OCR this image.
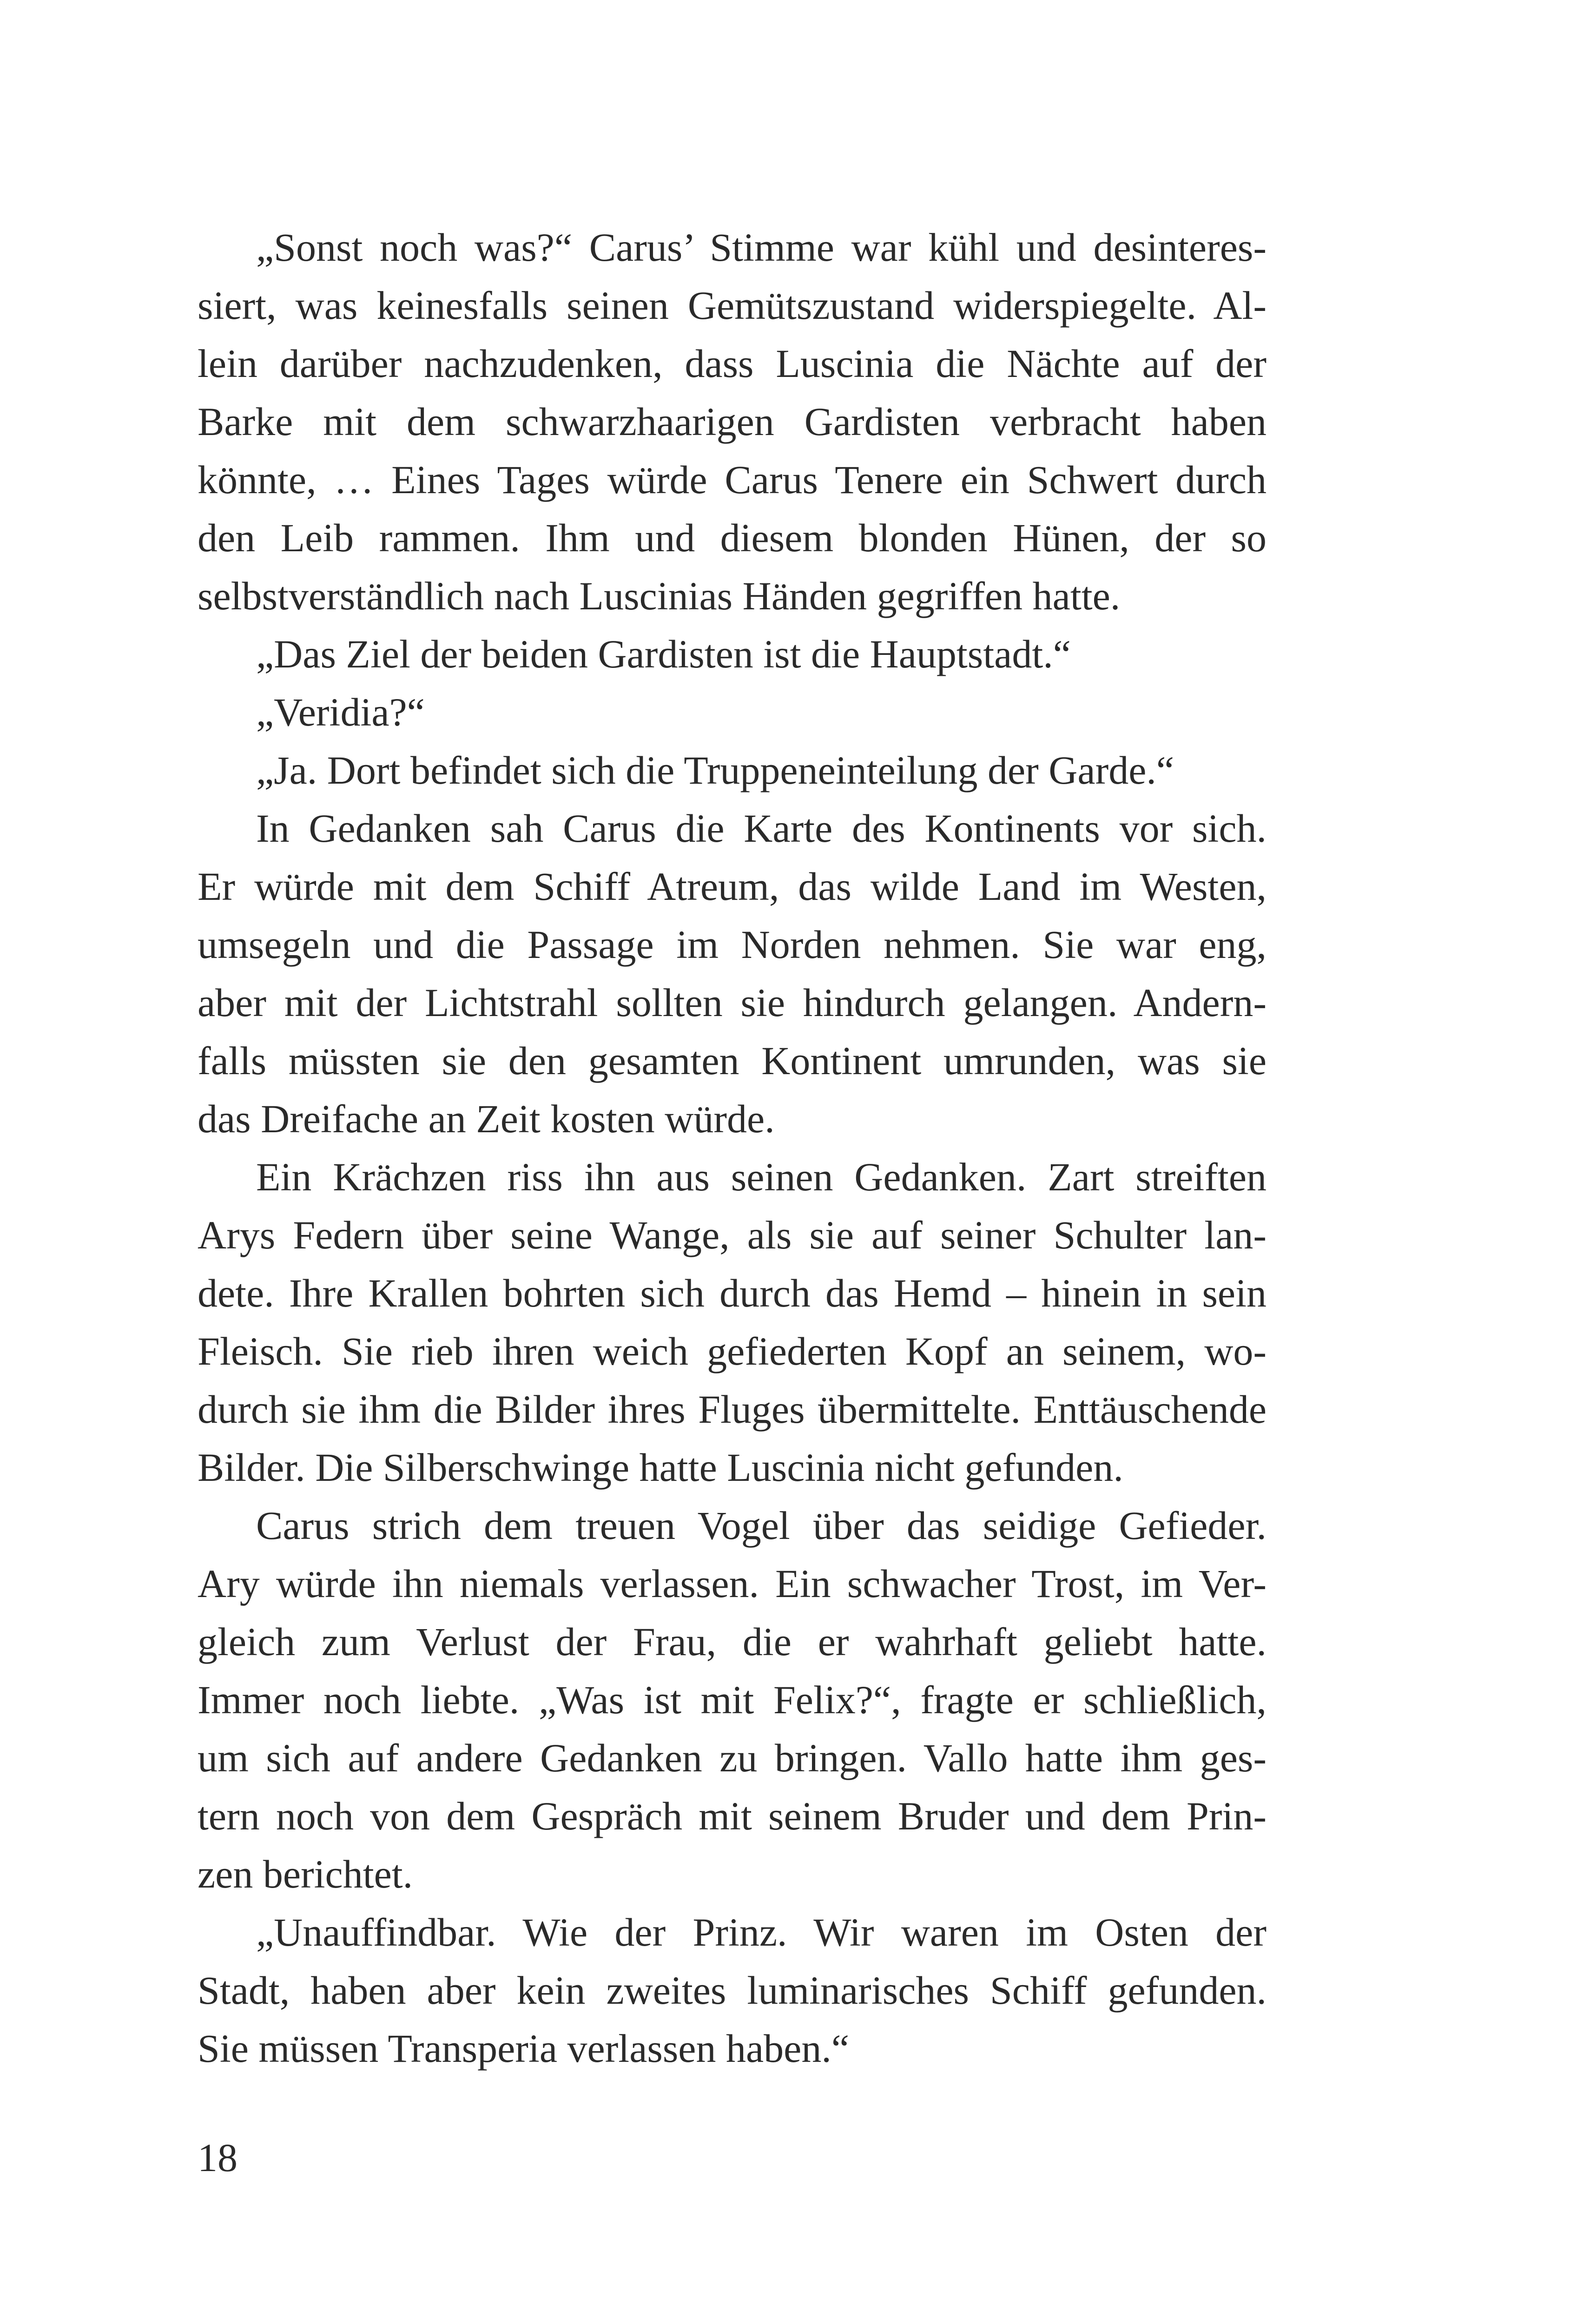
„Sonst noch was?“ Carus’ Stimme war kühl und desinteres-
siert, was keinesfalls seinen Gemütszustand widerspiegelte. Al-
lein darüber nachzudenken, dass Luscinia die Nächte auf der
Barke mit dem schwarzhaarigen Gardisten verbracht haben
könnte, … Eines Tages würde Carus Tenere ein Schwert durch
den Leib rammen. Ihm und diesem blonden Hünen, der so
selbstverständlich nach Luscinias Händen gegriffen hatte.
„Das Ziel der beiden Gardisten ist die Hauptstadt.“
„Veridia?“
„Ja. Dort befindet sich die Truppeneinteilung der Garde.“
In Gedanken sah Carus die Karte des Kontinents vor sich.
Er würde mit dem Schiff Atreum, das wilde Land im Westen,
umsegeln und die Passage im Norden nehmen. Sie war eng,
aber mit der Lichtstrahl sollten sie hindurch gelangen. Andern-
falls müssten sie den gesamten Kontinent umrunden, was sie
das Dreifache an Zeit kosten würde.
Ein Krächzen riss ihn aus seinen Gedanken. Zart streiften
Arys Federn über seine Wange, als sie auf seiner Schulter lan-
dete. Ihre Krallen bohrten sich durch das Hemd – hinein in sein
Fleisch. Sie rieb ihren weich gefiederten Kopf an seinem, wo-
durch sie ihm die Bilder ihres Fluges übermittelte. Enttäuschende
Bilder. Die Silberschwinge hatte Luscinia nicht gefunden.
Carus strich dem treuen Vogel über das seidige Gefieder.
Ary würde ihn niemals verlassen. Ein schwacher Trost, im Ver-
gleich zum Verlust der Frau, die er wahrhaft geliebt hatte.
Immer noch liebte. „Was ist mit Felix?“, fragte er schließlich,
um sich auf andere Gedanken zu bringen. Vallo hatte ihm ges-
tern noch von dem Gespräch mit seinem Bruder und dem Prin-
zen berichtet.
„Unauffindbar. Wie der Prinz. Wir waren im Osten der
Stadt, haben aber kein zweites luminarisches Schiff gefunden.
Sie müssen Transperia verlassen haben.“
18
